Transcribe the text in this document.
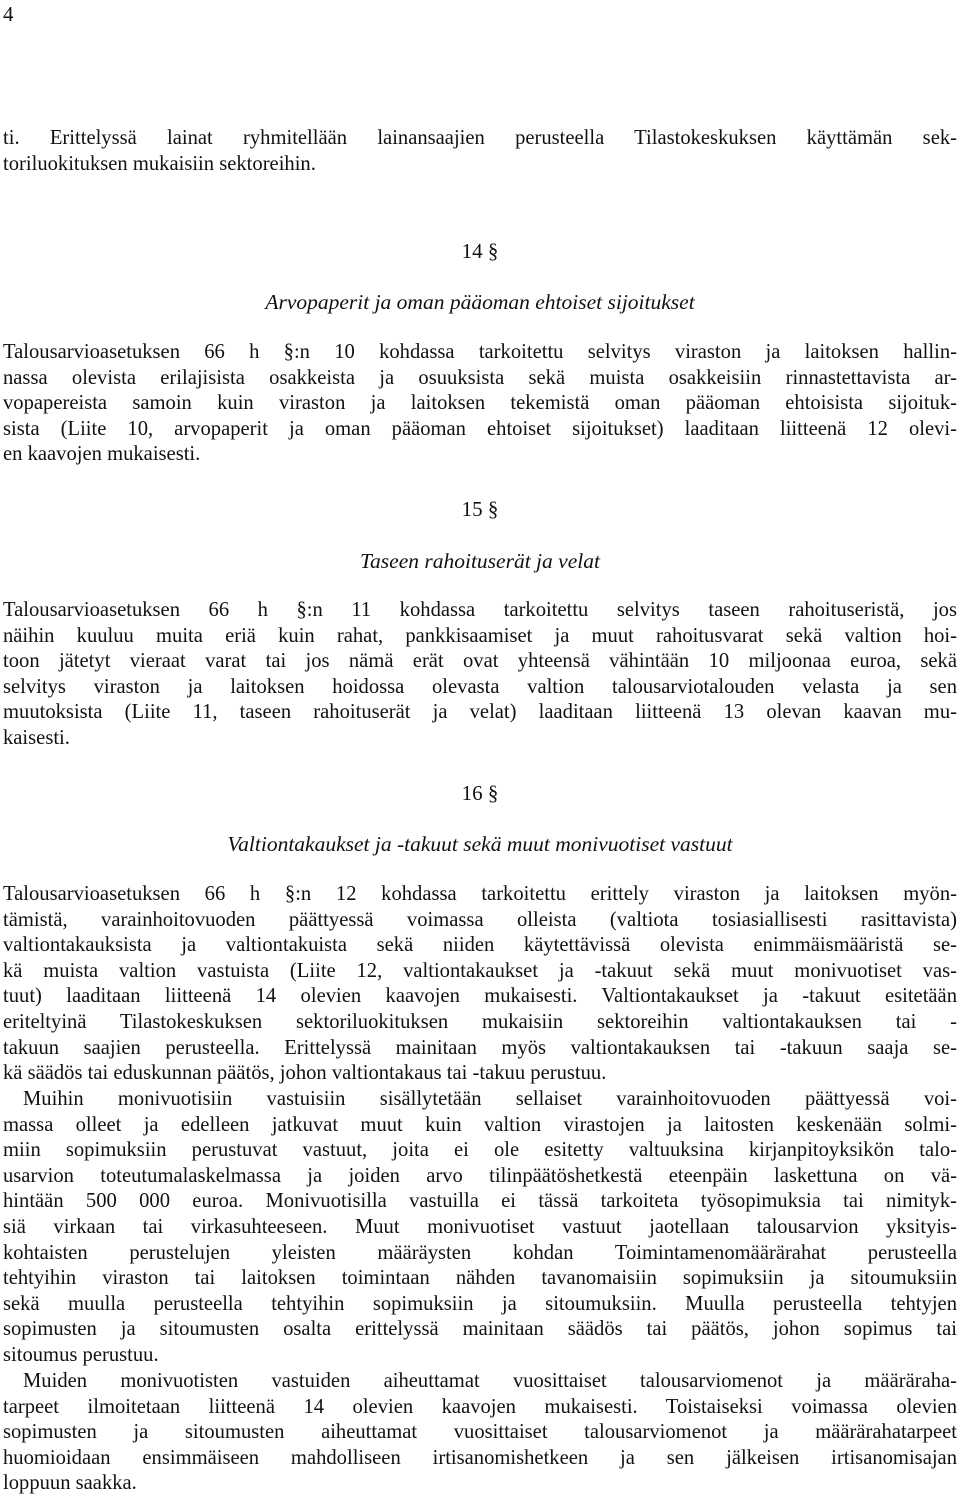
4
ti. Erittelyssä lainat ryhmitellään lainansaajien perusteella Tilastokeskuksen käyttämän sek-
toriluokituksen mukaisiin sektoreihin.
14 §
Arvopaperit ja oman pääoman ehtoiset sijoitukset
Talousarvioasetuksen 66 h §:n 10 kohdassa tarkoitettu selvitys viraston ja laitoksen hallin-
nassa olevista erilajisista osakkeista ja osuuksista sekä muista osakkeisiin rinnastettavista ar-
vopapereista samoin kuin viraston ja laitoksen tekemistä oman pääoman ehtoisista sijoituk-
sista (Liite 10, arvopaperit ja oman pääoman ehtoiset sijoitukset) laaditaan liitteenä 12 olevi-
en kaavojen mukaisesti.
15 §
Taseen rahoituserät ja velat
Talousarvioasetuksen 66 h §:n 11 kohdassa tarkoitettu selvitys taseen rahoituseristä, jos
näihin kuuluu muita eriä kuin rahat, pankkisaamiset ja muut rahoitusvarat sekä valtion hoi-
toon jätetyt vieraat varat tai jos nämä erät ovat yhteensä vähintään 10 miljoonaa euroa, sekä
selvitys viraston ja laitoksen hoidossa olevasta valtion talousarviotalouden velasta ja sen
muutoksista (Liite 11, taseen rahoituserät ja velat) laaditaan liitteenä 13 olevan kaavan mu-
kaisesti.
16 §
Valtiontakaukset ja -takuut sekä muut monivuotiset vastuut
Talousarvioasetuksen 66 h §:n 12 kohdassa tarkoitettu erittely viraston ja laitoksen myön-
tämistä, varainhoitovuoden päättyessä voimassa olleista (valtiota tosiasiallisesti rasittavista)
valtiontakauksista ja valtiontakuista sekä niiden käytettävissä olevista enimmäismääristä se-
kä muista valtion vastuista (Liite 12, valtiontakaukset ja -takuut sekä muut monivuotiset vas-
tuut) laaditaan liitteenä 14 olevien kaavojen mukaisesti. Valtiontakaukset ja -takuut esitetään
eriteltyinä Tilastokeskuksen sektoriluokituksen mukaisiin sektoreihin valtiontakauksen tai -
takuun saajien perusteella. Erittelyssä mainitaan myös valtiontakauksen tai -takuun saaja se-
kä säädös tai eduskunnan päätös, johon valtiontakaus tai -takuu perustuu.
Muihin monivuotisiin vastuisiin sisällytetään sellaiset varainhoitovuoden päättyessä voi-
massa olleet ja edelleen jatkuvat muut kuin valtion virastojen ja laitosten keskenään solmi-
miin sopimuksiin perustuvat vastuut, joita ei ole esitetty valtuuksina kirjanpitoyksikön talo-
usarvion toteutumalaskelmassa ja joiden arvo tilinpäätöshetkestä eteenpäin laskettuna on vä-
hintään 500 000 euroa. Monivuotisilla vastuilla ei tässä tarkoiteta työsopimuksia tai nimityk-
siä virkaan tai virkasuhteeseen. Muut monivuotiset vastuut jaotellaan talousarvion yksityis-
kohtaisten perustelujen yleisten määräysten kohdan Toimintamenomäärärahat perusteella
tehtyihin viraston tai laitoksen toimintaan nähden tavanomaisiin sopimuksiin ja sitoumuksiin
sekä muulla perusteella tehtyihin sopimuksiin ja sitoumuksiin. Muulla perusteella tehtyjen
sopimusten ja sitoumusten osalta erittelyssä mainitaan säädös tai päätös, johon sopimus tai
sitoumus perustuu.
Muiden monivuotisten vastuiden aiheuttamat vuosittaiset talousarviomenot ja määräraha-
tarpeet ilmoitetaan liitteenä 14 olevien kaavojen mukaisesti. Toistaiseksi voimassa olevien
sopimusten ja sitoumusten aiheuttamat vuosittaiset talousarviomenot ja määrärahatarpeet
huomioidaan ensimmäiseen mahdolliseen irtisanomishetkeen ja sen jälkeisen irtisanomisajan
loppuun saakka.
